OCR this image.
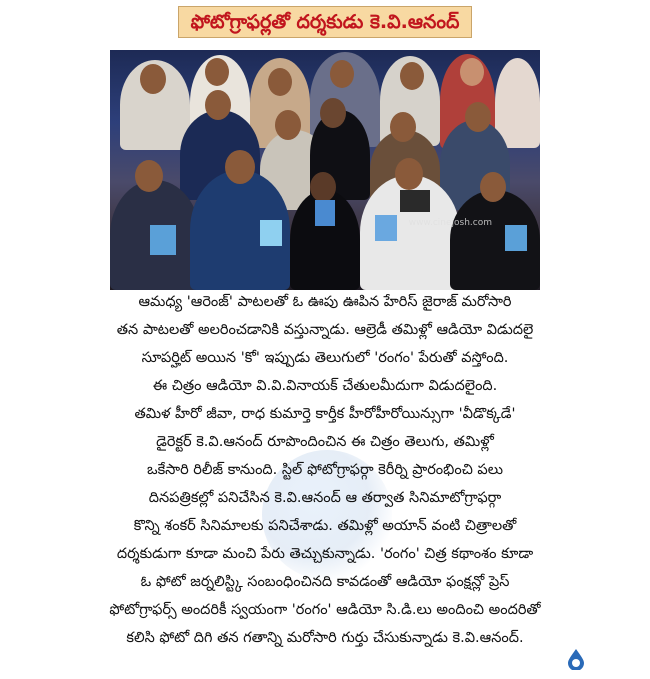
ఫోటోగ్రాఫర్లతో దర్శకుడు కె.వి.ఆనంద్
www.cinejosh.com
ఆమధ్య 'ఆరెంజ్' పాటలతో ఓ ఊపు ఊపిన హేరిస్ జైరాజ్ మరోసారి
తన పాటలతో అలరించడానికి వస్తున్నాడు. ఆల్రెడీ తమిళ్లో ఆడియో విడుదలై
సూపర్హిట్ అయిన 'కో' ఇప్పుడు తెలుగులో 'రంగం' పేరుతో వస్తోంది.
ఈ చిత్రం ఆడియో వి.వి.వినాయక్ చేతులమీదుగా విడుదలైంది.
తమిళ హీరో జీవా, రాధ కుమార్తె కార్తీక హీరోహీరోయిన్సుగా 'వీడొక్కడే'
డైరెక్టర్ కె.వి.ఆనంద్ రూపొందించిన ఈ చిత్రం తెలుగు, తమిళ్లో
ఒకేసారి రిలీజ్ కానుంది. స్టిల్ ఫోటోగ్రాఫర్గా కెరీర్ని ప్రారంభించి పలు
దినపత్రికల్లో పనిచేసిన కె.వి.ఆనంద్ ఆ తర్వాత సినిమాటోగ్రాఫర్గా
కొన్ని శంకర్ సినిమాలకు పనిచేశాడు. తమిళ్లో అయాన్ వంటి చిత్రాలతో
దర్శకుడుగా కూడా మంచి పేరు తెచ్చుకున్నాడు. 'రంగం' చిత్ర కథాంశం కూడా
ఓ ఫోటో జర్నలిస్ట్కి సంబంధించినది కావడంతో ఆడియో ఫంక్షన్లో ప్రెస్
ఫోటోగ్రాఫర్స్ అందరికీ స్వయంగా 'రంగం' ఆడియో సి.డి.లు అందించి అందరితో
కలిసి ఫోటో దిగి తన గతాన్ని మరోసారి గుర్తు చేసుకున్నాడు కె.వి.ఆనంద్.
